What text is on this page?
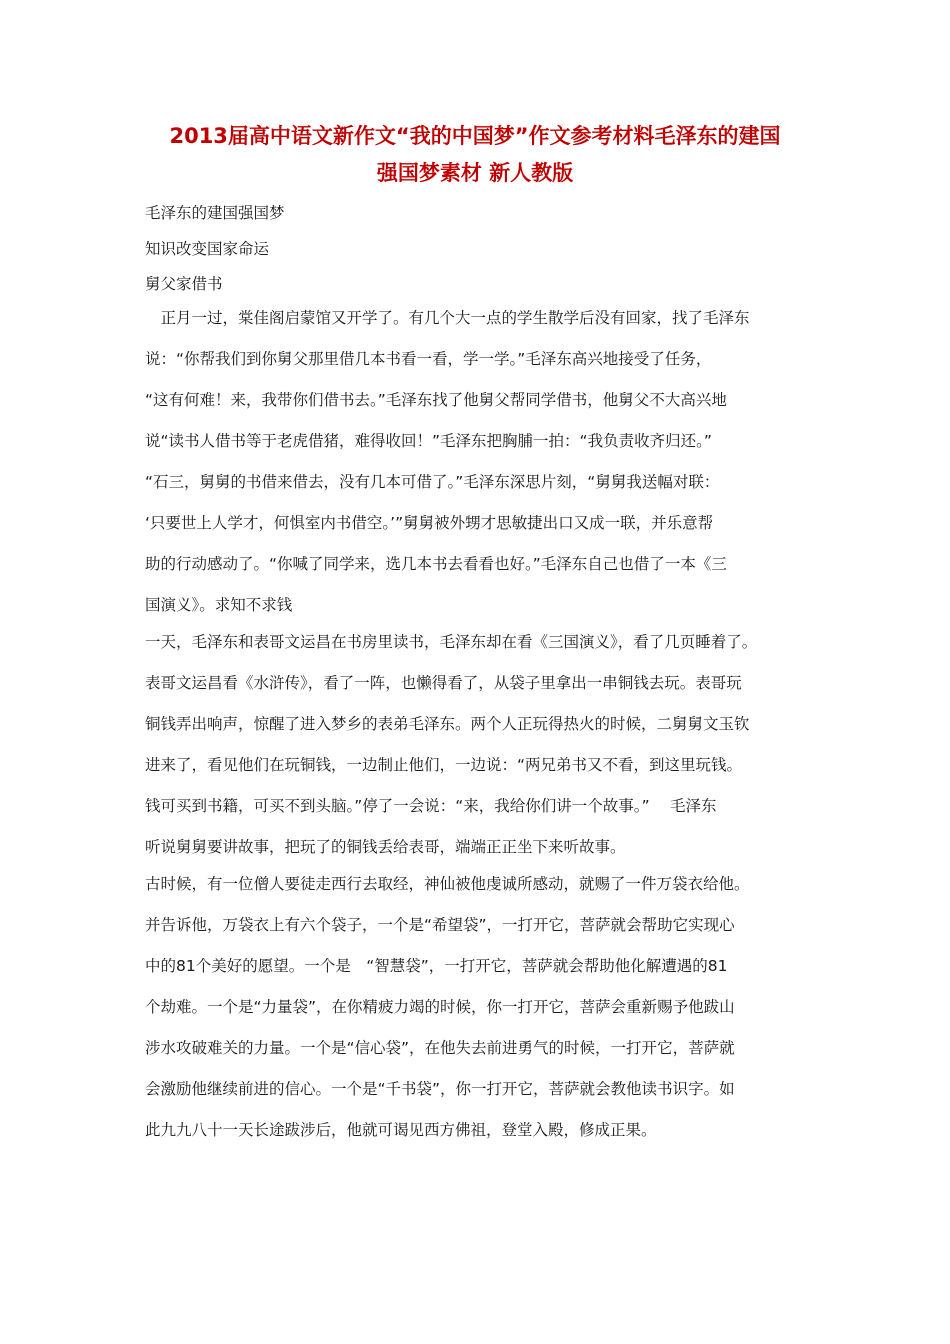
2013届高中语文新作文“我的中国梦”作文参考材料毛泽东的建国
强国梦素材 新人教版
毛泽东的建国强国梦
知识改变国家命运
舅父家借书
　正月一过，棠佳阁启蒙馆又开学了。有几个大一点的学生散学后没有回家，找了毛泽东
说：“你帮我们到你舅父那里借几本书看一看，学一学。”毛泽东高兴地接受了任务，
“这有何难！来，我带你们借书去。”毛泽东找了他舅父帮同学借书，他舅父不大高兴地
说“读书人借书等于老虎借猪，难得收回！”毛泽东把胸脯一拍：“我负责收齐归还。”
“石三，舅舅的书借来借去，没有几本可借了。”毛泽东深思片刻，“舅舅我送幅对联：
‘只要世上人学才，何惧室内书借空。’”舅舅被外甥才思敏捷出口又成一联，并乐意帮
助的行动感动了。“你喊了同学来，选几本书去看看也好。”毛泽东自己也借了一本《三
国演义》。求知不求钱
一天，毛泽东和表哥文运昌在书房里读书，毛泽东却在看《三国演义》，看了几页睡着了。
表哥文运昌看《水浒传》，看了一阵，也懒得看了，从袋子里拿出一串铜钱去玩。表哥玩
铜钱弄出响声，惊醒了进入梦乡的表弟毛泽东。两个人正玩得热火的时候，二舅舅文玉钦
进来了，看见他们在玩铜钱，一边制止他们，一边说：“两兄弟书又不看，到这里玩钱。
钱可买到书籍，可买不到头脑。”停了一会说：“来，我给你们讲一个故事。”　 毛泽东
听说舅舅要讲故事，把玩了的铜钱丢给表哥，端端正正坐下来听故事。
古时候，有一位僧人要徒走西行去取经，神仙被他虔诚所感动，就赐了一件万袋衣给他。
并告诉他，万袋衣上有六个袋子，一个是“希望袋”，一打开它，菩萨就会帮助它实现心
中的81个美好的愿望。一个是　“智慧袋”，一打开它，菩萨就会帮助他化解遭遇的81
个劫难。一个是“力量袋”，在你精疲力竭的时候，你一打开它，菩萨会重新赐予他跋山
涉水攻破难关的力量。一个是“信心袋”，在他失去前进勇气的时候，一打开它，菩萨就
会激励他继续前进的信心。一个是“千书袋”，你一打开它，菩萨就会教他读书识字。如
此九九八十一天长途跋涉后，他就可谒见西方佛祖，登堂入殿，修成正果。
